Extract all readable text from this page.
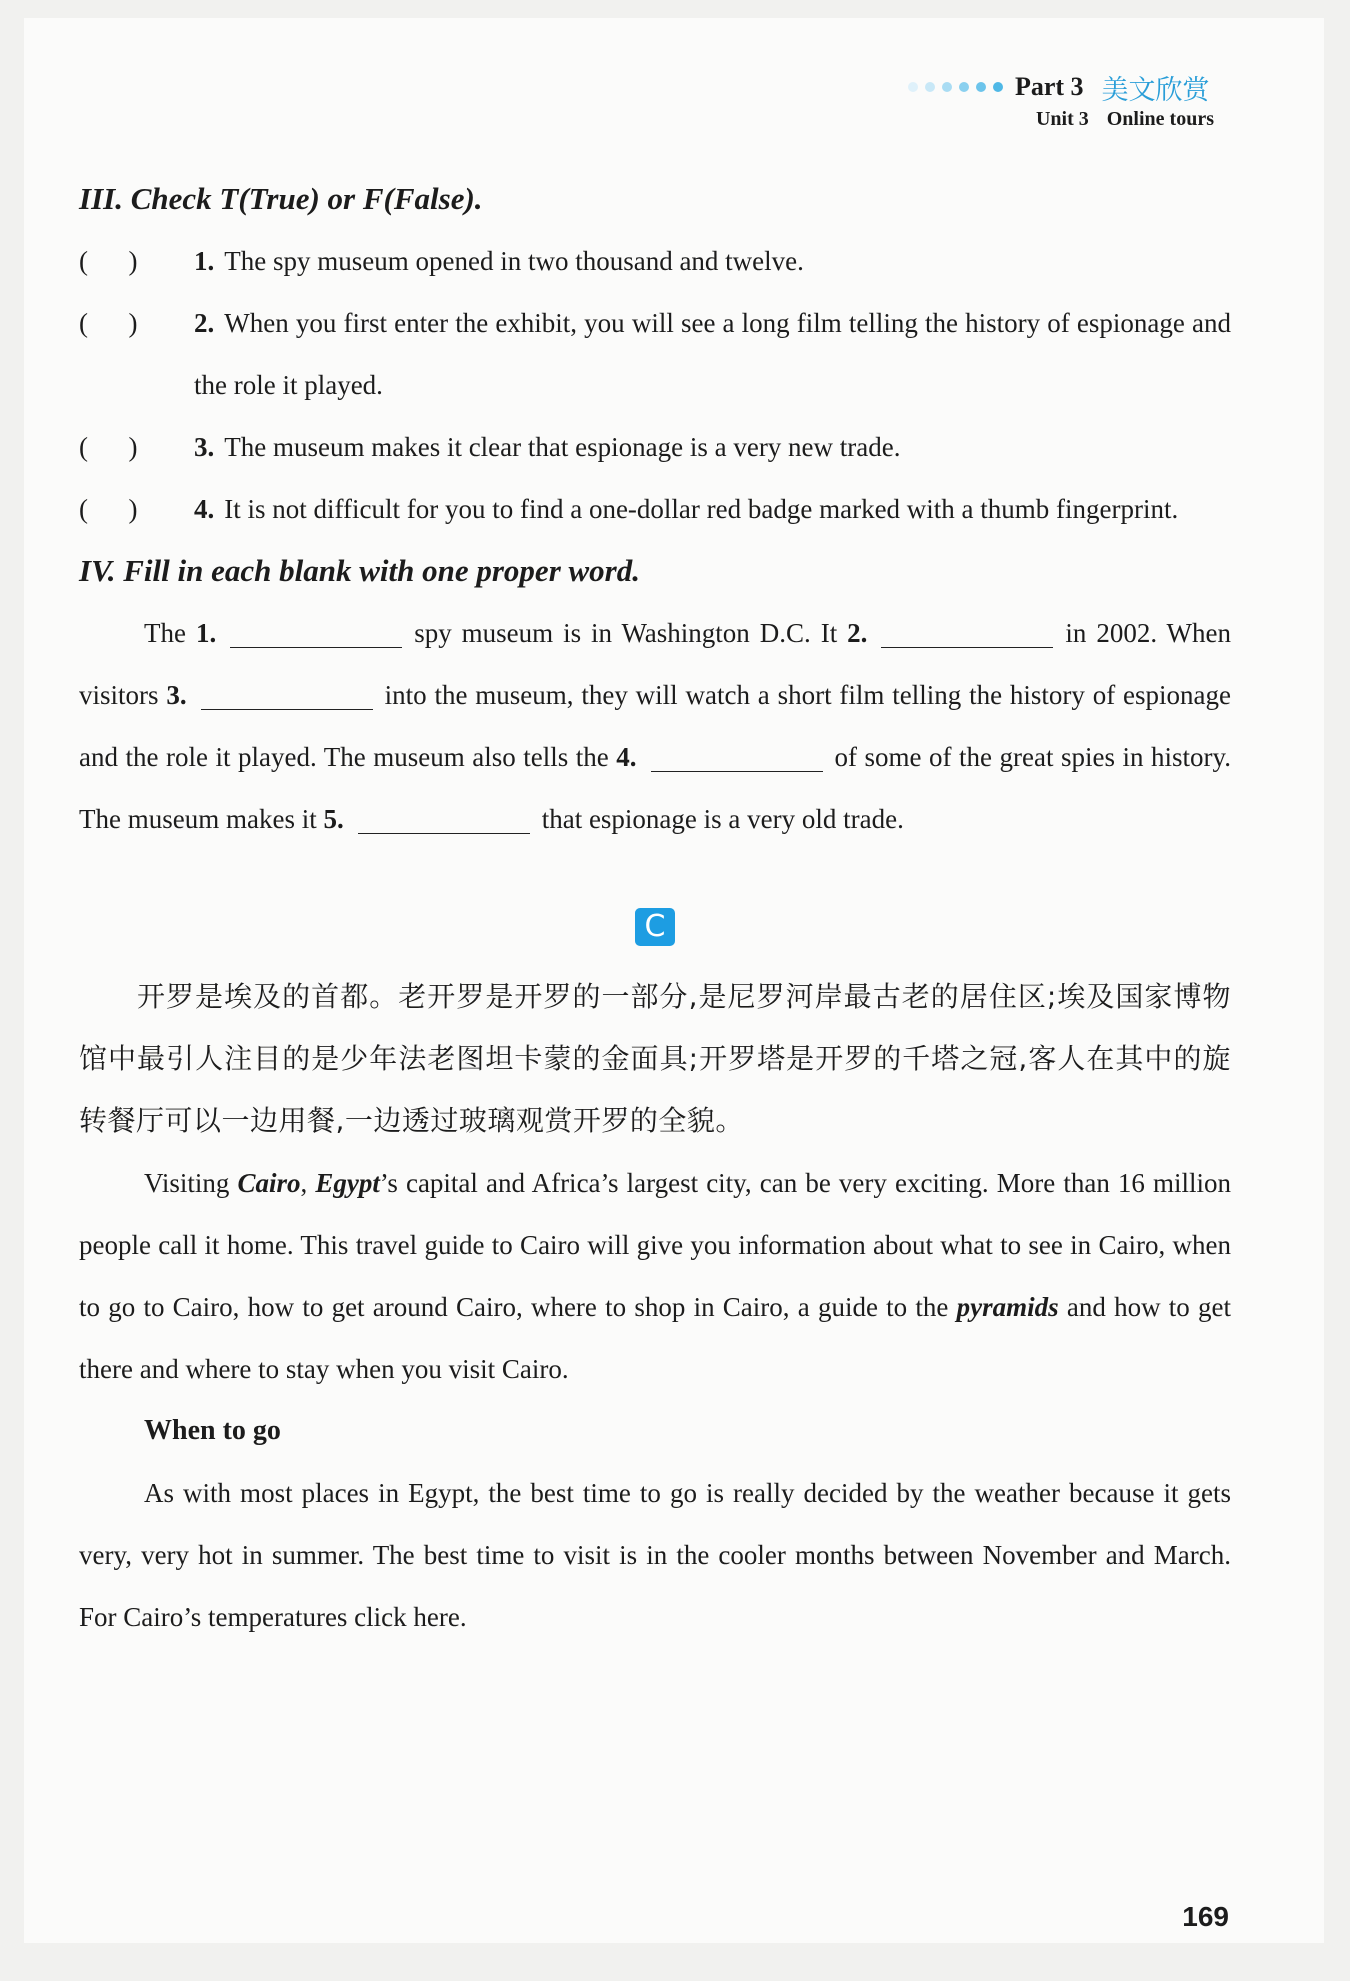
Part 3 美文欣赏
Unit 3 Online tours
III. Check T(True) or F(False).
(      )	1. The spy museum opened in two thousand and twelve.
(      )	2. When you first enter the exhibit, you will see a long film telling the history of espionage and the role it played.
(      )	3. The museum makes it clear that espionage is a very new trade.
(      )	4. It is not difficult for you to find a one-dollar red badge marked with a thumb fingerprint.
IV. Fill in each blank with one proper word.
The 1.	spy museum is in Washington D.C. It 2.	in 2002. When visitors 3.	into the museum, they will watch a short film telling the history of espionage and the role it played. The museum also tells the 4.	of some of the great spies in history. The museum makes it 5.	that espionage is a very old trade.
C
开罗是埃及的首都。老开罗是开罗的一部分,是尼罗河岸最古老的居住区;埃及国家博物馆中最引人注目的是少年法老图坦卡蒙的金面具;开罗塔是开罗的千塔之冠,客人在其中的旋转餐厅可以一边用餐,一边透过玻璃观赏开罗的全貌。
Visiting Cairo, Egypt’s capital and Africa’s largest city, can be very exciting. More than 16 million people call it home. This travel guide to Cairo will give you information about what to see in Cairo, when to go to Cairo, how to get around Cairo, where to shop in Cairo, a guide to the pyramids and how to get there and where to stay when you visit Cairo.
When to go
As with most places in Egypt, the best time to go is really decided by the weather because it gets very, very hot in summer. The best time to visit is in the cooler months between November and March. For Cairo’s temperatures click here.
169
